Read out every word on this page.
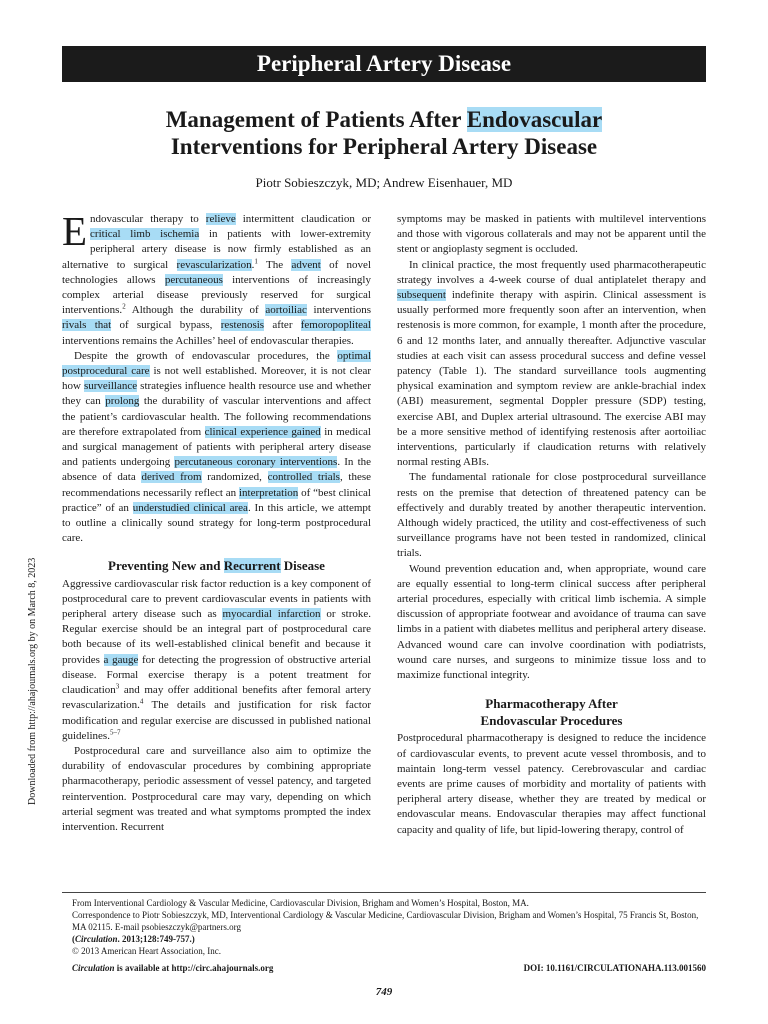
Peripheral Artery Disease
Management of Patients After Endovascular
Interventions for Peripheral Artery Disease
Piotr Sobieszczyk, MD; Andrew Eisenhauer, MD
Downloaded from http://ahajournals.org by on March 8, 2023

Endovascular therapy to relieve intermittent claudication or critical limb ischemia in patients with lower-extremity peripheral artery disease is now firmly established as an alternative to surgical revascularization.$^1$ The advent of novel technologies allows percutaneous interventions of increasingly complex arterial disease previously reserved for surgical interventions.$^2$ Although the durability of aortoiliac interventions rivals that of surgical bypass, restenosis after femoropopliteal interventions remains the Achilles’ heel of endovascular therapies.

Despite the growth of endovascular procedures, the optimal postprocedural care is not well established. Moreover, it is not clear how surveillance strategies influence health resource use and whether they can prolong the durability of vascular interventions and affect the patient’s cardiovascular health. The following recommendations are therefore extrapolated from clinical experience gained in medical and surgical management of patients with peripheral artery disease and patients undergoing percutaneous coronary interventions. In the absence of data derived from randomized, controlled trials, these recommendations necessarily reflect an interpretation of “best clinical practice” of an understudied clinical area. In this article, we attempt to outline a clinically sound strategy for long-term postprocedural care.

Preventing New and Recurrent Disease

Aggressive cardiovascular risk factor reduction is a key component of postprocedural care to prevent cardiovascular events in patients with peripheral artery disease such as myocardial infarction or stroke. Regular exercise should be an integral part of postprocedural care both because of its well-established clinical benefit and because it provides a gauge for detecting the progression of obstructive arterial disease. Formal exercise therapy is a potent treatment for claudication$^3$ and may offer additional benefits after femoral artery revascularization.$^4$ The details and justification for risk factor modification and regular exercise are discussed in published national guidelines.$^{5-7}$

Postprocedural care and surveillance also aim to optimize the durability of endovascular procedures by combining appropriate pharmacotherapy, periodic assessment of vessel patency, and targeted reintervention. Postprocedural care may vary, depending on which arterial segment was treated and what symptoms prompted the index intervention. Recurrent

symptoms may be masked in patients with multilevel interventions and those with vigorous collaterals and may not be apparent until the stent or angioplasty segment is occluded.

In clinical practice, the most frequently used pharmacotherapeutic strategy involves a 4-week course of dual antiplatelet therapy and subsequent indefinite therapy with aspirin. Clinical assessment is usually performed more frequently soon after an intervention, when restenosis is more common, for example, 1 month after the procedure, 6 and 12 months later, and annually thereafter. Adjunctive vascular studies at each visit can assess procedural success and define vessel patency (Table 1). The standard surveillance tools augmenting physical examination and symptom review are ankle-brachial index (ABI) measurement, segmental Doppler pressure (SDP) testing, exercise ABI, and Duplex arterial ultrasound. The exercise ABI may be a more sensitive method of identifying restenosis after aortoiliac interventions, particularly if claudication returns with relatively normal resting ABIs.

The fundamental rationale for close postprocedural surveillance rests on the premise that detection of threatened patency can be effectively and durably treated by another therapeutic intervention. Although widely practiced, the utility and cost-effectiveness of such surveillance programs have not been tested in randomized, clinical trials.

Wound prevention education and, when appropriate, wound care are equally essential to long-term clinical success after peripheral arterial procedures, especially with critical limb ischemia. A simple discussion of appropriate footwear and avoidance of trauma can save limbs in a patient with diabetes mellitus and peripheral artery disease. Advanced wound care can involve coordination with podiatrists, wound care nurses, and surgeons to minimize tissue loss and to maximize functional integrity.

Pharmacotherapy After
Endovascular Procedures

Postprocedural pharmacotherapy is designed to reduce the incidence of cardiovascular events, to prevent acute vessel thrombosis, and to maintain long-term vessel patency. Cerebrovascular and cardiac events are prime causes of morbidity and mortality of patients with peripheral artery disease, whether they are treated by medical or endovascular means. Endovascular therapies may affect functional capacity and quality of life, but lipid-lowering therapy, control of

From Interventional Cardiology & Vascular Medicine, Cardiovascular Division, Brigham and Women’s Hospital, Boston, MA.
Correspondence to Piotr Sobieszczyk, MD, Interventional Cardiology & Vascular Medicine, Cardiovascular Division, Brigham and Women’s Hospital, 75 Francis St, Boston, MA 02115. E-mail psobieszczyk@partners.org
(Circulation. 2013;128:749-757.)
© 2013 American Heart Association, Inc.
Circulation is available at http://circ.ahajournals.org	DOI: 10.1161/CIRCULATIONAHA.113.001560
749
